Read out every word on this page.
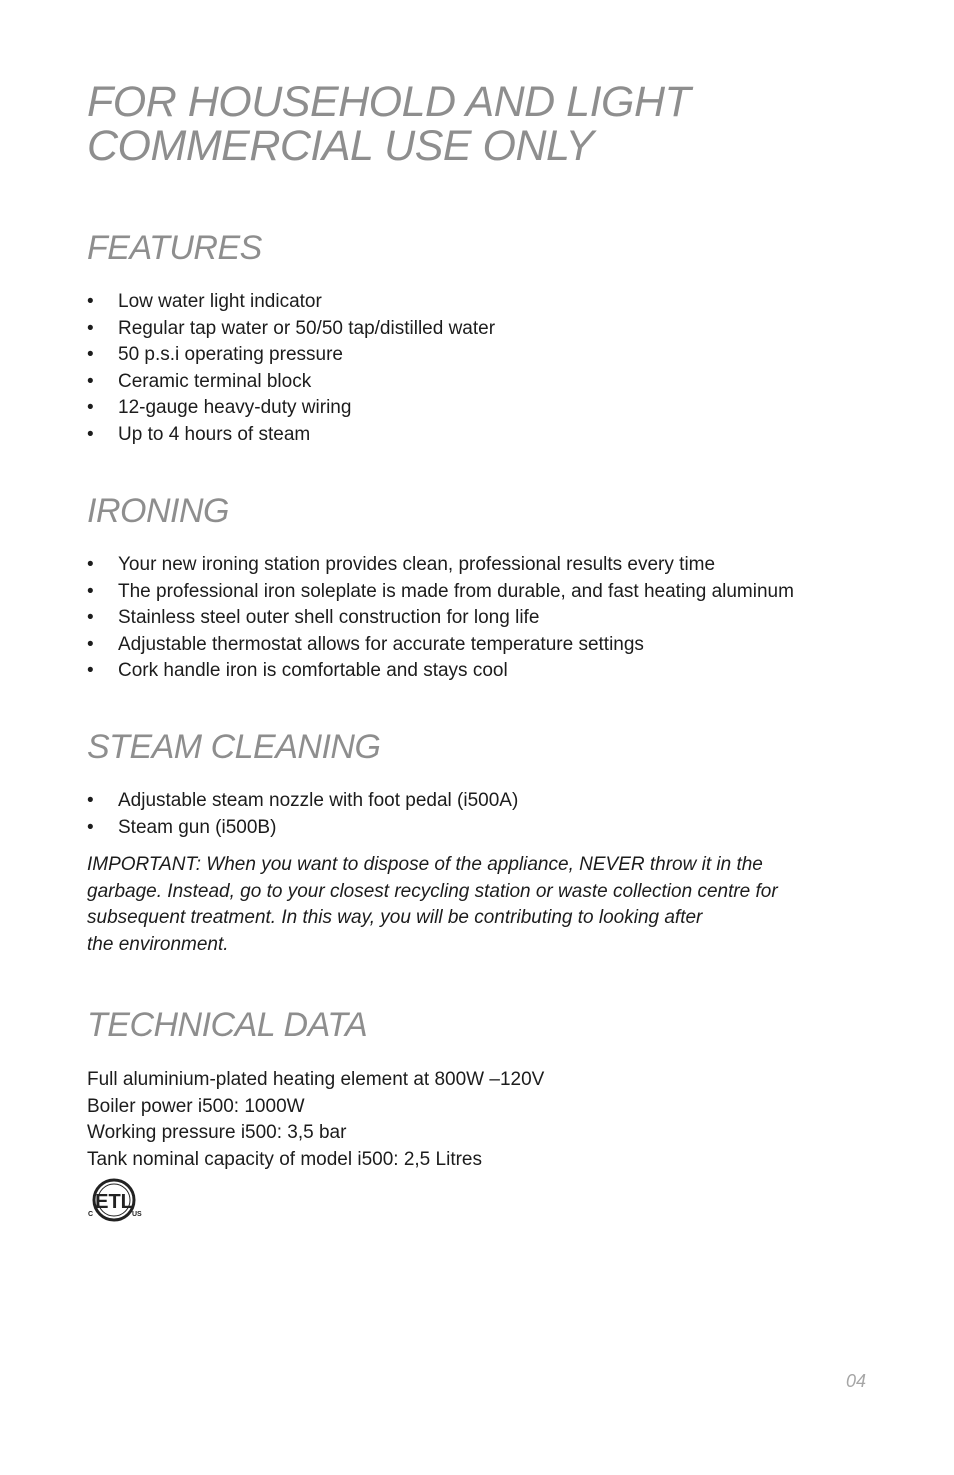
FOR HOUSEHOLD AND LIGHT
COMMERCIAL USE ONLY
FEATURES
• Low water light indicator
• Regular tap water or 50/50 tap/distilled water
• 50 p.s.i operating pressure
• Ceramic terminal block
• 12-gauge heavy-duty wiring
• Up to 4 hours of steam
IRONING
• Your new ironing station provides clean, professional results every time
• The professional iron soleplate is made from durable, and fast heating aluminum
• Stainless steel outer shell construction for long life
• Adjustable thermostat allows for accurate temperature settings
• Cork handle iron is comfortable and stays cool
STEAM CLEANING
• Adjustable steam nozzle with foot pedal (i500A)
• Steam gun (i500B)
IMPORTANT: When you want to dispose of the appliance, NEVER throw it in the
garbage. Instead, go to your closest recycling station or waste collection centre for
subsequent treatment. In this way, you will be contributing to looking after
the environment.
TECHNICAL DATA
Full aluminium-plated heating element at 800W –120V
Boiler power i500: 1000W
Working pressure i500: 3,5 bar
Tank nominal capacity of model i500: 2,5 Litres
ETL
C	US
04
